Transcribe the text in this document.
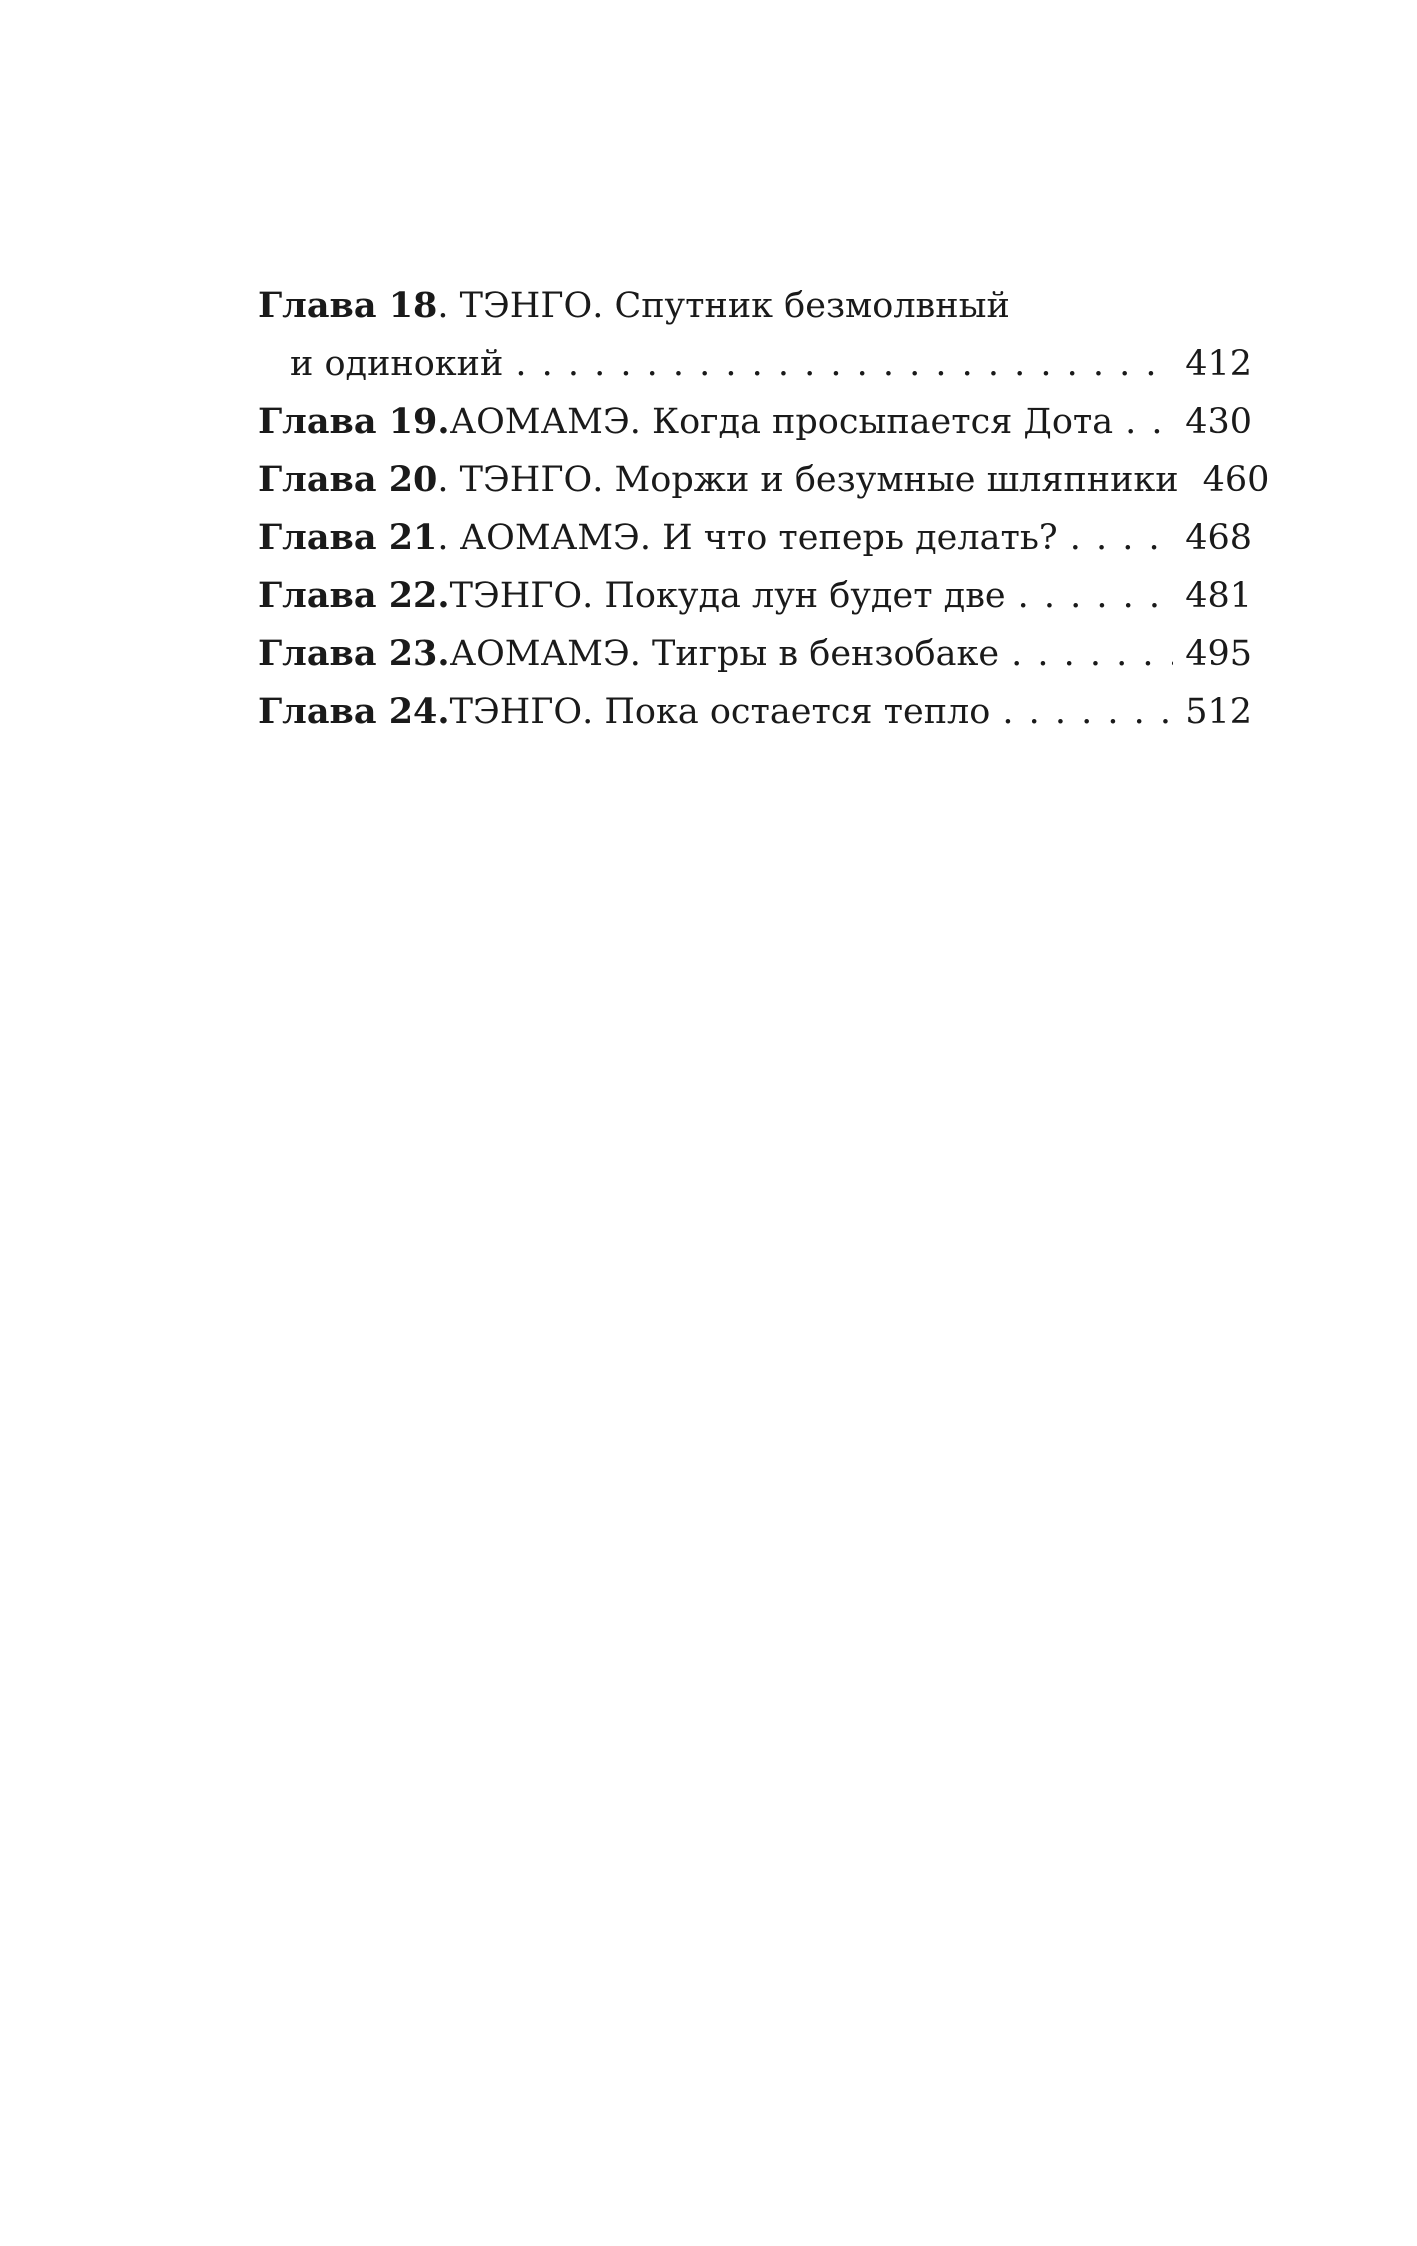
Глава 18 . ТЭНГО. Спутник безмолвный
и одинокий . . .	412
Глава 19. АОМАМЭ. Когда просыпается Дота . . . 430
Глава 20 . ТЭНГО. Моржи и безумные шляпники 460
Глава 21 . АОМАМЭ. И что теперь делать? . . .	468
Глава 22. ТЭНГО. Покуда лун будет две . . .	481
Глава 23. АОМАМЭ. Тигры в бензобаке . . .	495
Глава 24. ТЭНГО. Пока остается тепло . . .	512
